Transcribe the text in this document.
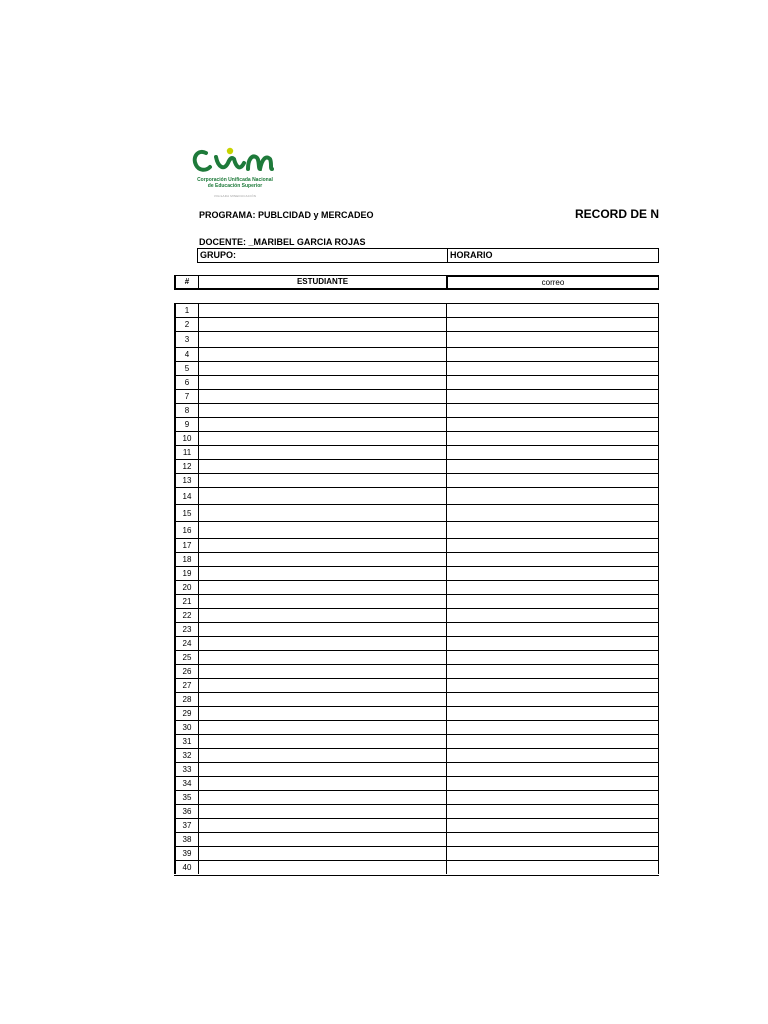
Corporación Unificada Nacional
de Educación Superior
VIGILADA MINEDUCACIÓN
PROGRAMA: PUBLCIDAD y MERCADEO	RECORD DE N
DOCENTE: _MARIBEL GARCIA ROJAS
GRUPO:	HORARIO
#	ESTUDIANTE	correo
1
2
3
4
5
6
7
8
9
10
11
12
13
14
15
16
17
18
19
20
21
22
23
24
25
26
27
28
29
30
31
32
33
34
35
36
37
38
39
40
